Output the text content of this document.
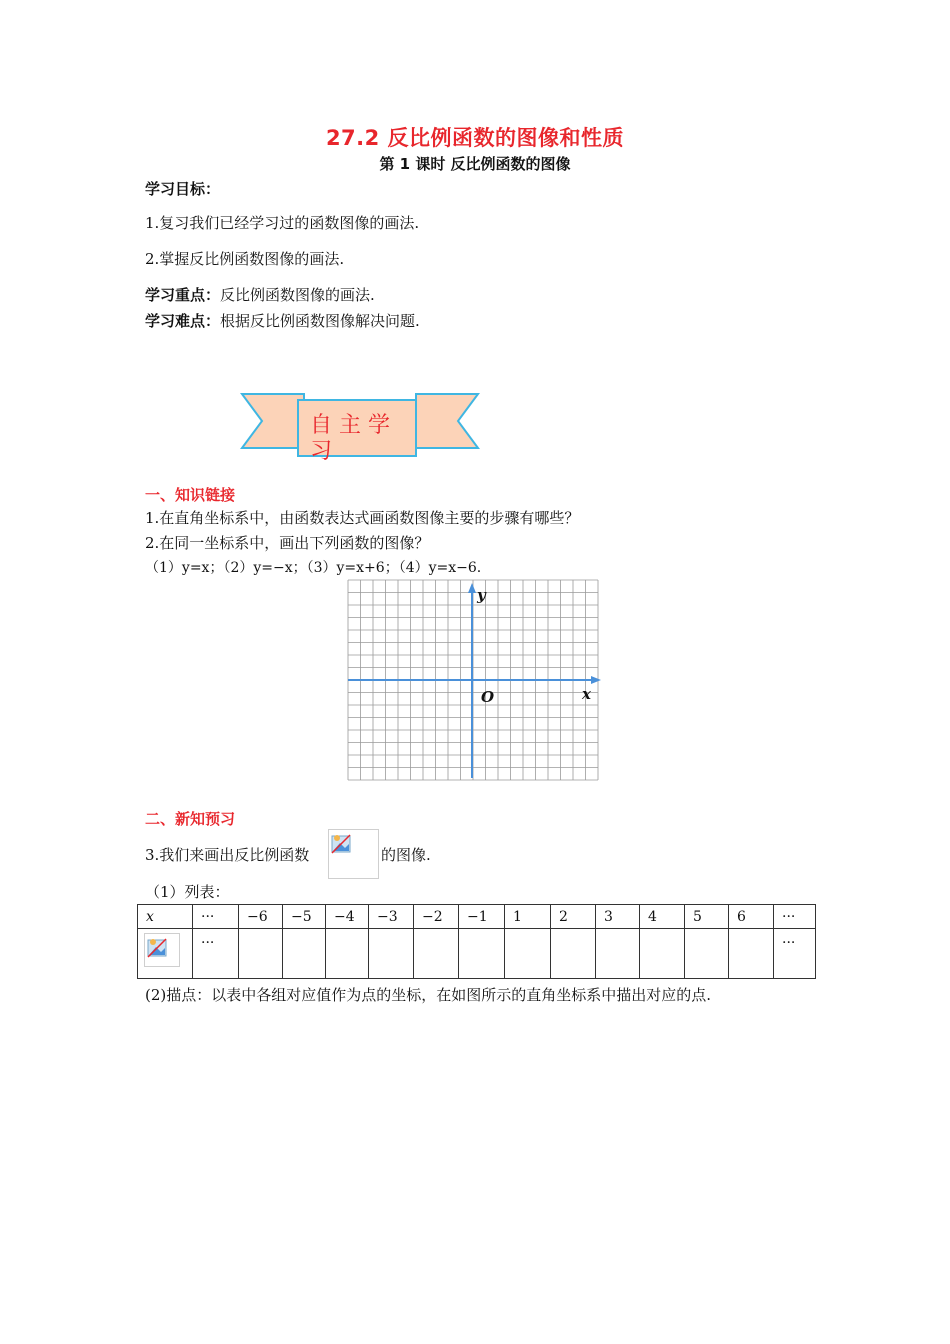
27.2 反比例函数的图像和性质
第 1 课时 反比例函数的图像
学习目标：
1.复习我们已经学习过的函数图像的画法.
2.掌握反比例函数图像的画法.
学习重点：反比例函数图像的画法.
学习难点：根据反比例函数图像解决问题.
自 主 学
习
一、知识链接
1.在直角坐标系中，由函数表达式画函数图像主要的步骤有哪些？
2.在同一坐标系中，画出下列函数的图像？
（1）y=x；（2）y=−x；（3）y=x+6；（4）y=x−6.
y
x
O
二、新知预习
3.我们来画出反比例函数	的图像.
（1）列表：
x	···	−6	−5	−4	−3	−2	−1	1	2	3	4	5	6	···

	···													···
(2)描点：以表中各组对应值作为点的坐标，在如图所示的直角坐标系中描出对应的点.
